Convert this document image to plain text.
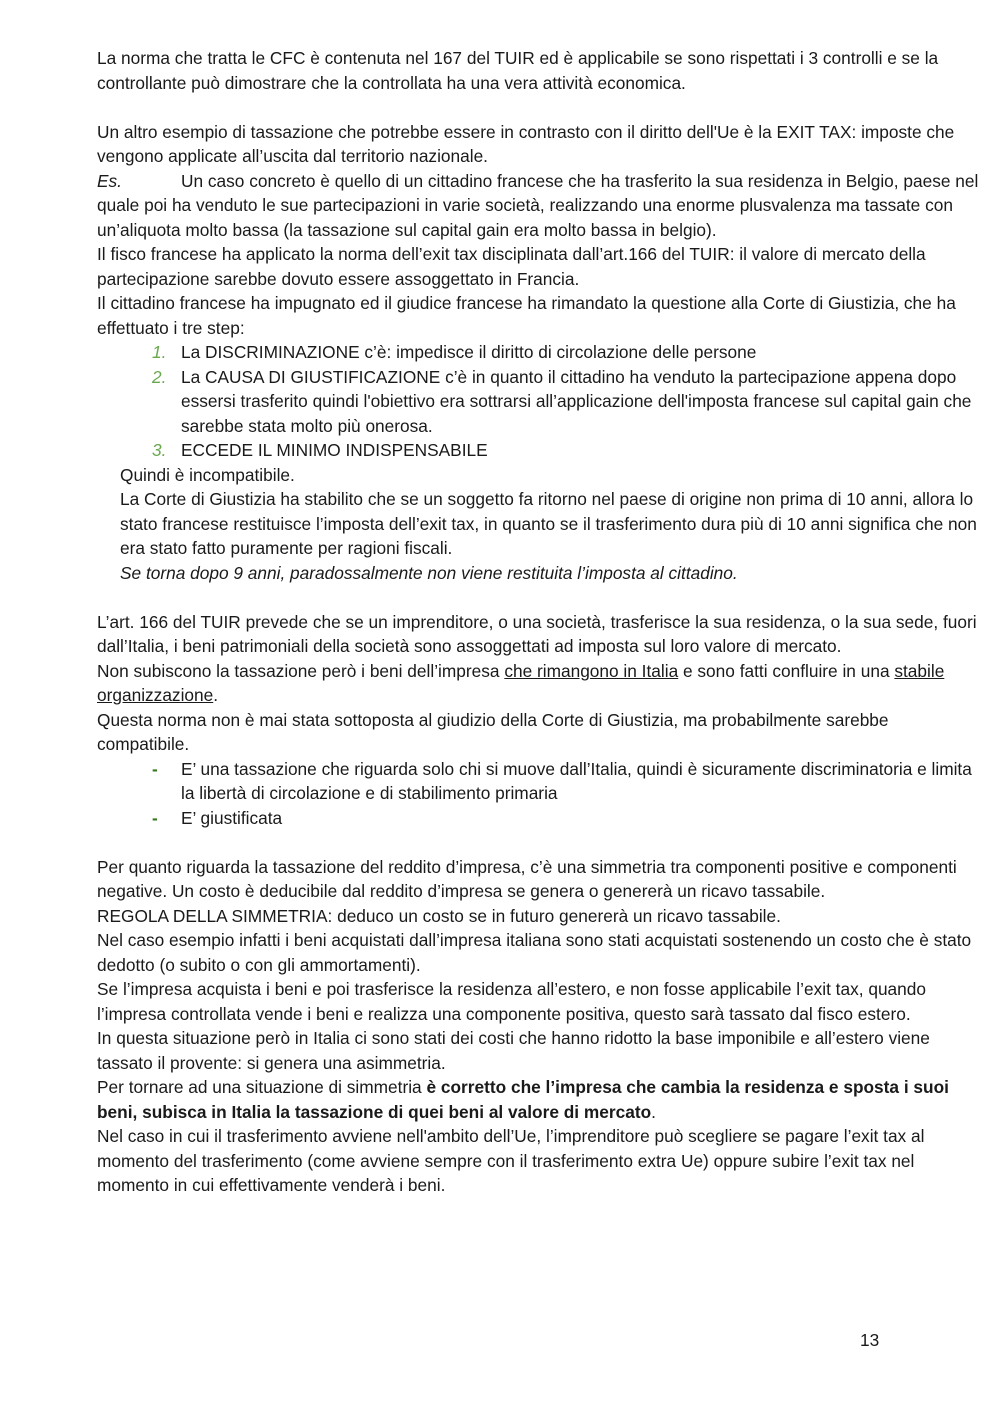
La norma che tratta le CFC è contenuta nel 167 del TUIR ed è applicabile se sono rispettati i 3 controlli e se la controllante può dimostrare che la controllata ha una vera attività economica.

Un altro esempio di tassazione che potrebbe essere in contrasto con il diritto dell'Ue è la EXIT TAX: imposte che vengono applicate all’uscita dal territorio nazionale.

Es.	Un caso concreto è quello di un cittadino francese che ha trasferito la sua residenza in Belgio, paese nel quale poi ha venduto le sue partecipazioni in varie società, realizzando una enorme plusvalenza ma tassate con un’aliquota molto bassa (la tassazione sul capital gain era molto bassa in belgio).

Il fisco francese ha applicato la norma dell’exit tax disciplinata dall’art.166 del TUIR: il valore di mercato della partecipazione sarebbe dovuto essere assoggettato in Francia.

Il cittadino francese ha impugnato ed il giudice francese ha rimandato la questione alla Corte di Giustizia, che ha effettuato i tre step:

1. La DISCRIMINAZIONE c’è: impedisce il diritto di circolazione delle persone
2. La CAUSA DI GIUSTIFICAZIONE c’è in quanto il cittadino ha venduto la partecipazione appena dopo essersi trasferito quindi l'obiettivo era sottrarsi all’applicazione dell'imposta francese sul capital gain che sarebbe stata molto più onerosa.
3. ECCEDE IL MINIMO INDISPENSABILE

Quindi è incompatibile.

La Corte di Giustizia ha stabilito che se un soggetto fa ritorno nel paese di origine non prima di 10 anni, allora lo stato francese restituisce l’imposta dell’exit tax, in quanto se il trasferimento dura più di 10 anni significa che non era stato fatto puramente per ragioni fiscali.

Se torna dopo 9 anni, paradossalmente non viene restituita l’imposta al cittadino.

L’art. 166 del TUIR prevede che se un imprenditore, o una società, trasferisce la sua residenza, o la sua sede, fuori dall’Italia, i beni patrimoniali della società sono assoggettati ad imposta sul loro valore di mercato.

Non subiscono la tassazione però i beni dell’impresa che rimangono in Italia e sono fatti confluire in una stabile organizzazione.

Questa norma non è mai stata sottoposta al giudizio della Corte di Giustizia, ma probabilmente sarebbe compatibile.

-	E’ una tassazione che riguarda solo chi si muove dall’Italia, quindi è sicuramente discriminatoria e limita la libertà di circolazione e di stabilimento primaria
-	E’ giustificata

Per quanto riguarda la tassazione del reddito d’impresa, c’è una simmetria tra componenti positive e componenti negative. Un costo è deducibile dal reddito d’impresa se genera o genererà un ricavo tassabile.

REGOLA DELLA SIMMETRIA: deduco un costo se in futuro genererà un ricavo tassabile.

Nel caso esempio infatti i beni acquistati dall’impresa italiana sono stati acquistati sostenendo un costo che è stato dedotto (o subito o con gli ammortamenti).

Se l’impresa acquista i beni e poi trasferisce la residenza all’estero, e non fosse applicabile l’exit tax, quando l’impresa controllata vende i beni e realizza una componente positiva, questo sarà tassato dal fisco estero.

In questa situazione però in Italia ci sono stati dei costi che hanno ridotto la base imponibile e all’estero viene tassato il provente: si genera una asimmetria.

Per tornare ad una situazione di simmetria è corretto che l’impresa che cambia la residenza e sposta i suoi beni, subisca in Italia la tassazione di quei beni al valore di mercato.

Nel caso in cui il trasferimento avviene nell'ambito dell’Ue, l’imprenditore può scegliere se pagare l’exit tax al momento del trasferimento (come avviene sempre con il trasferimento extra Ue) oppure subire l’exit tax nel momento in cui effettivamente venderà i beni.

13
